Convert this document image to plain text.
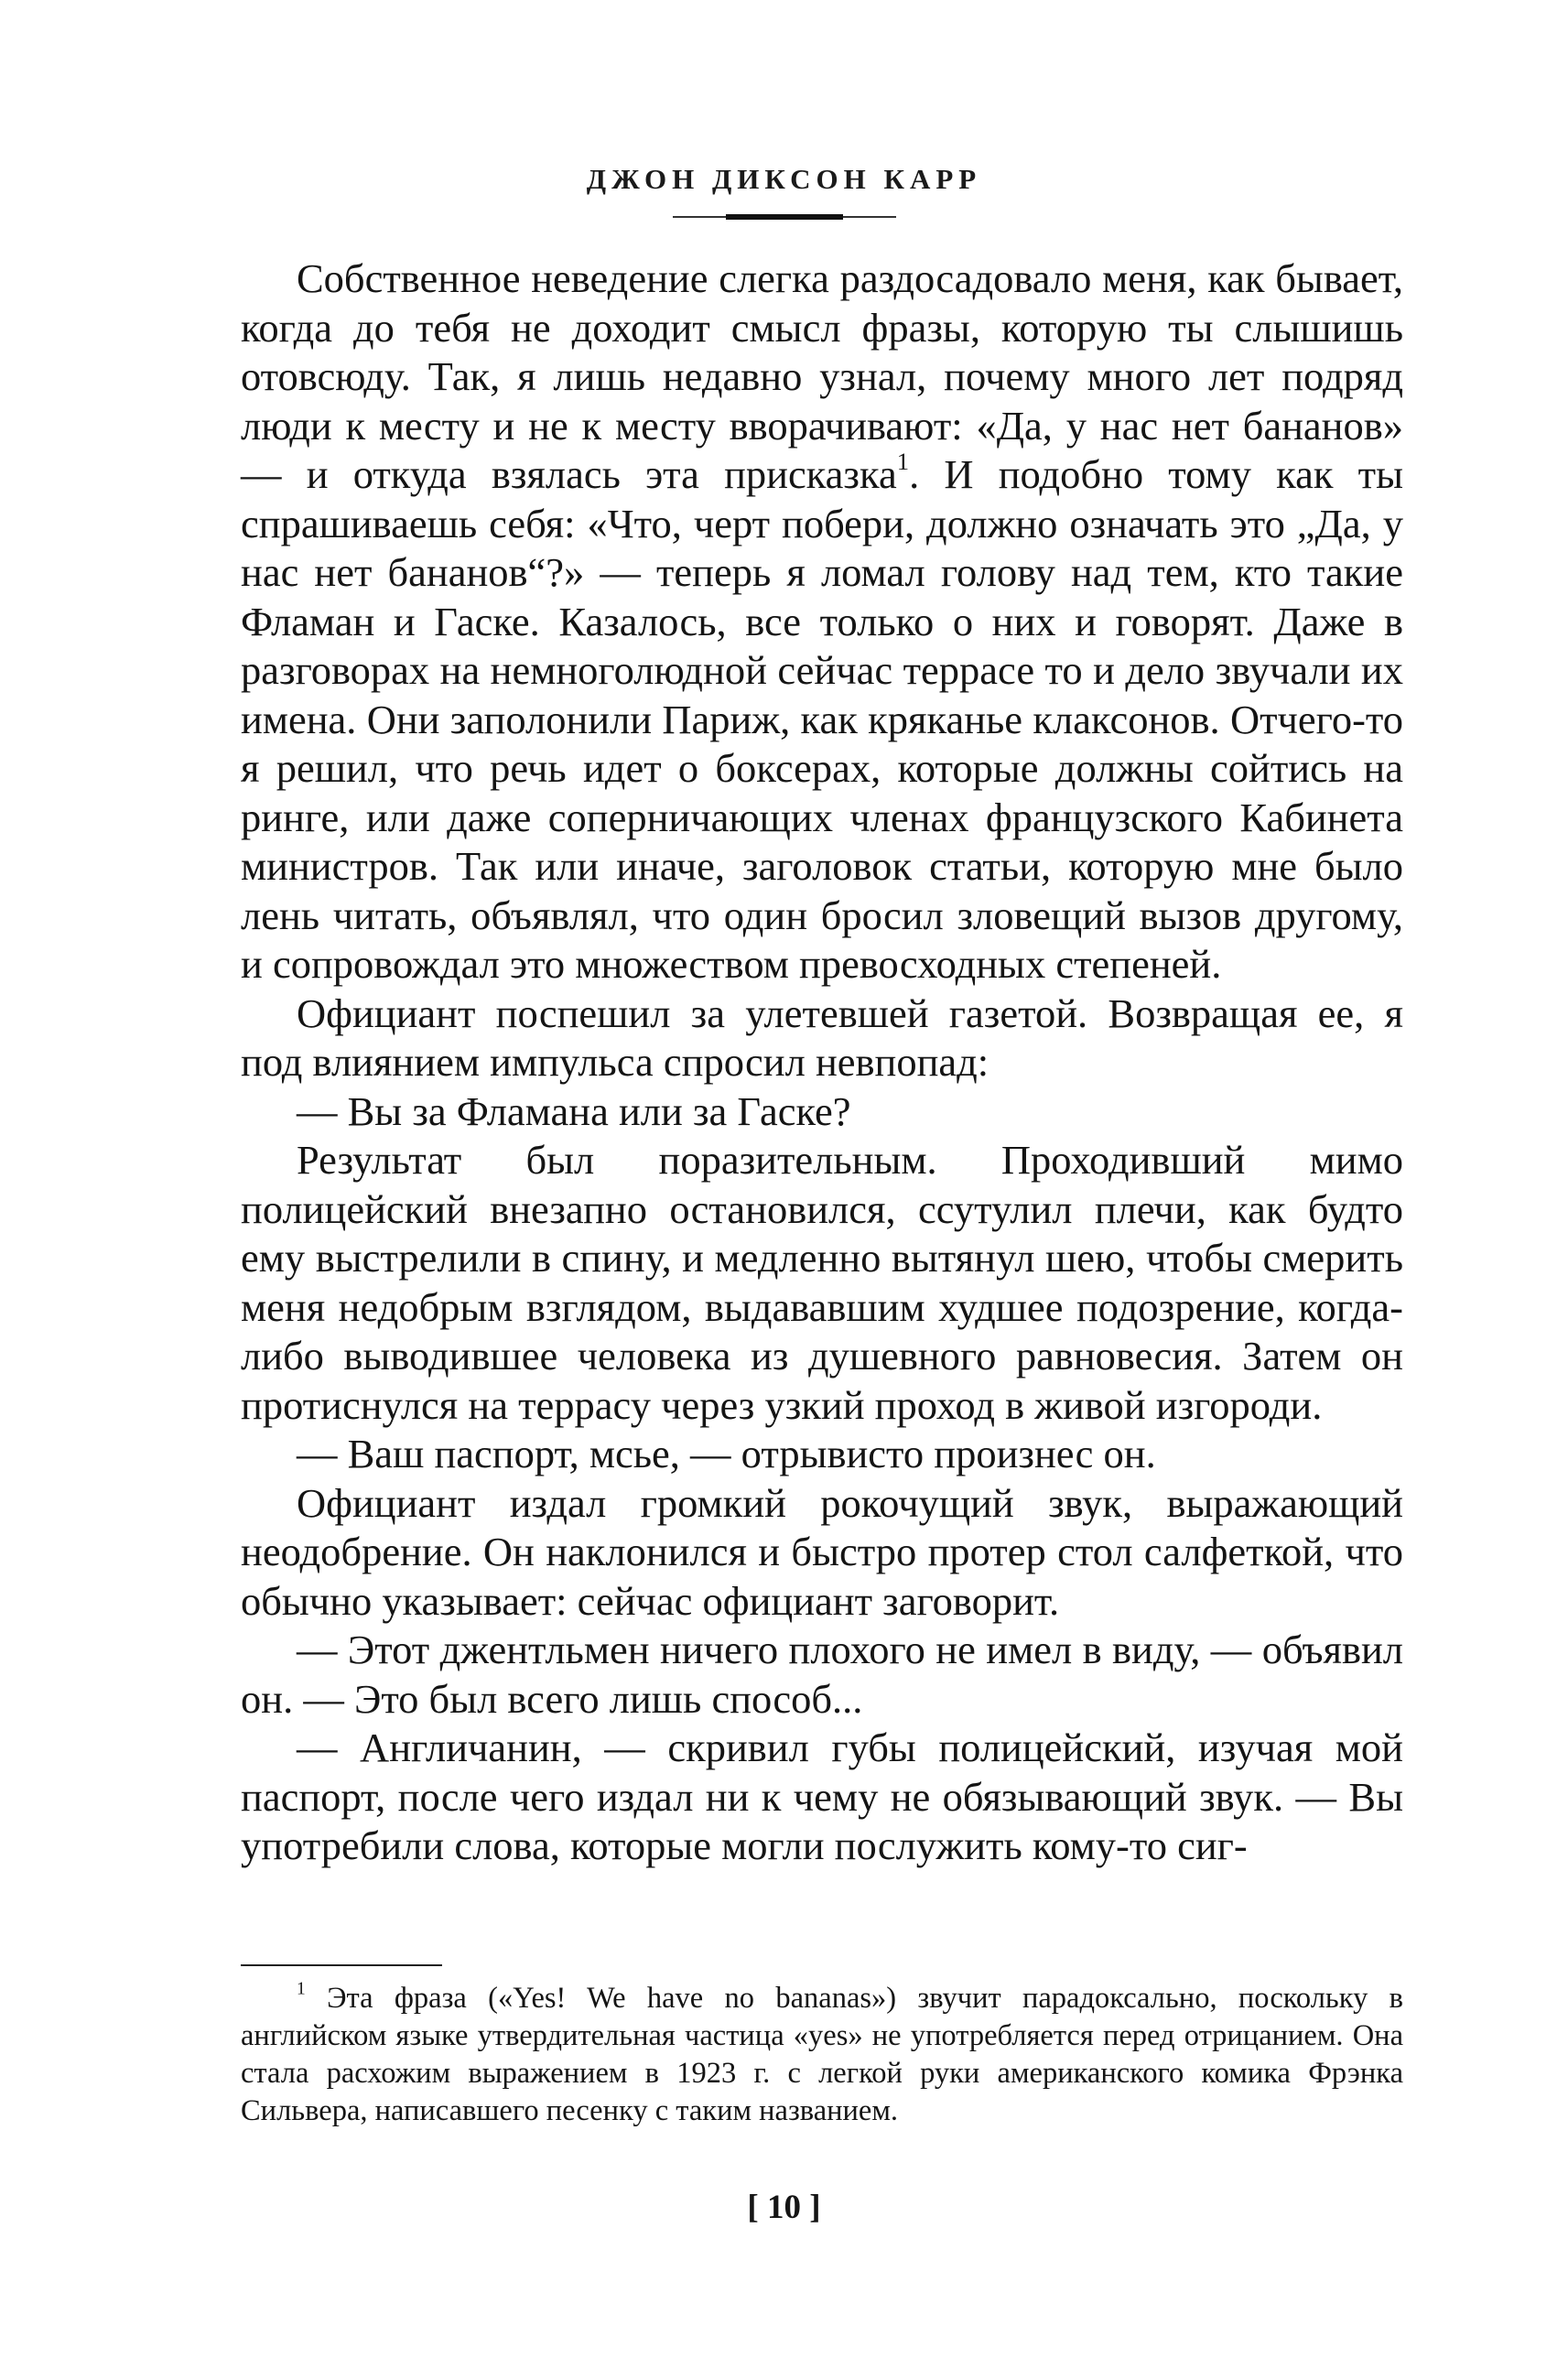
ДЖОН ДИКСОН КАРР

Собственное неведение слегка раздосадовало меня, как бывает, когда до тебя не доходит смысл фразы, которую ты слышишь отовсюду. Так, я лишь недавно узнал, почему много лет подряд люди к месту и не к месту вворачивают: «Да, у нас нет бананов» — и откуда взялась эта присказка$^1$. И подобно тому как ты спрашиваешь себя: «Что, черт побери, должно означать это „Да, у нас нет бананов“?» — теперь я ломал голову над тем, кто такие Фламан и Гаске. Казалось, все только о них и говорят. Даже в разговорах на немноголюдной сейчас террасе то и дело звучали их имена. Они заполонили Париж, как кряканье клаксонов. Отчего-то я решил, что речь идет о боксерах, которые должны сойтись на ринге, или даже соперничающих членах французского Кабинета министров. Так или иначе, заголовок статьи, которую мне было лень читать, объявлял, что один бросил зловещий вызов другому, и сопровождал это множеством превосходных степеней.

Официант поспешил за улетевшей газетой. Возвращая ее, я под влиянием импульса спросил невпопад:

— Вы за Фламана или за Гаске?

Результат был поразительным. Проходивший мимо полицейский внезапно остановился, ссутулил плечи, как будто ему выстрелили в спину, и медленно вытянул шею, чтобы смерить меня недобрым взглядом, выдававшим худшее подозрение, когда-либо выводившее человека из душевного равновесия. Затем он протиснулся на террасу через узкий проход в живой изгороди.

— Ваш паспорт, мсье, — отрывисто произнес он.

Официант издал громкий рокочущий звук, выражающий неодобрение. Он наклонился и быстро протер стол салфеткой, что обычно указывает: сейчас официант заговорит.

— Этот джентльмен ничего плохого не имел в виду, — объявил он. — Это был всего лишь способ...

— Англичанин, — скривил губы полицейский, изучая мой паспорт, после чего издал ни к чему не обязывающий звук. — Вы употребили слова, которые могли послужить кому-то сиг-

$^1$ Эта фраза («Yes! We have no bananas») звучит парадоксально, поскольку в английском языке утвердительная частица «yes» не употребляется перед отрицанием. Она стала расхожим выражением в 1923 г. с легкой руки американского комика Фрэнка Сильвера, написавшего песенку с таким названием.
[ 10 ]
